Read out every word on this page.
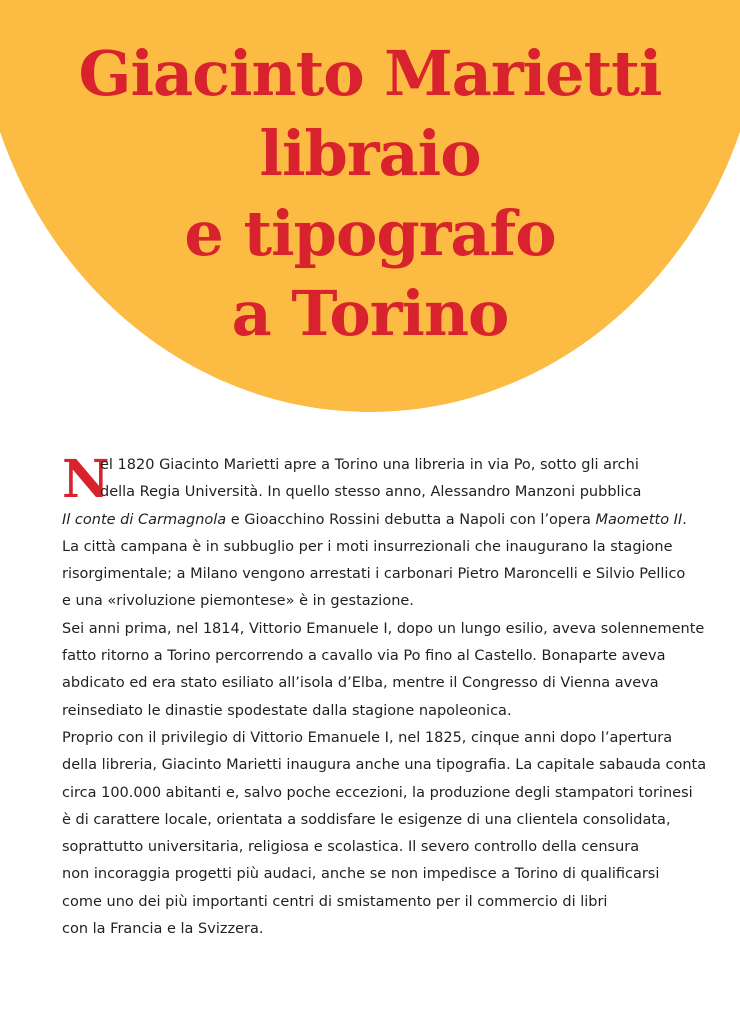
Giacinto Marietti
libraio
e tipografo
a Torino
N
el 1820 Giacinto Marietti apre a Torino una libreria in via Po, sotto gli archi
della Regia Università. In quello stesso anno, Alessandro Manzoni pubblica
Il conte di Carmagnola e Gioacchino Rossini debutta a Napoli con l’opera Maometto II.
La città campana è in subbuglio per i moti insurrezionali che inaugurano la stagione
risorgimentale; a Milano vengono arrestati i carbonari Pietro Maroncelli e Silvio Pellico
e una «rivoluzione piemontese» è in gestazione.
Sei anni prima, nel 1814, Vittorio Emanuele I, dopo un lungo esilio, aveva solennemente
fatto ritorno a Torino percorrendo a cavallo via Po fino al Castello. Bonaparte aveva
abdicato ed era stato esiliato all’isola d’Elba, mentre il Congresso di Vienna aveva
reinsediato le dinastie spodestate dalla stagione napoleonica.
Proprio con il privilegio di Vittorio Emanuele I, nel 1825, cinque anni dopo l’apertura
della libreria, Giacinto Marietti inaugura anche una tipografia. La capitale sabauda conta
circa 100.000 abitanti e, salvo poche eccezioni, la produzione degli stampatori torinesi
è di carattere locale, orientata a soddisfare le esigenze di una clientela consolidata,
soprattutto universitaria, religiosa e scolastica. Il severo controllo della censura
non incoraggia progetti più audaci, anche se non impedisce a Torino di qualificarsi
come uno dei più importanti centri di smistamento per il commercio di libri
con la Francia e la Svizzera.
